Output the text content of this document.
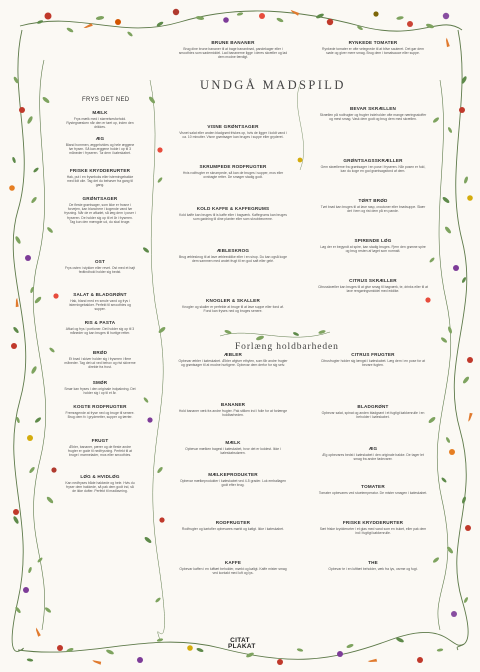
UNDGÅ MADSPILD
FRYS DET NED
MÆLK

Frys mælk med i størrelsesforhold. Rystegnæsken når den er tøet op, inden den drikkes.

ÆG

Bland hommen, æggehvides og hele æggene før frysen. Så kan æggene holde i op til 3 måneder i fryseren. Tø dem i køleskabet.

FRISKE KRYDDERURTER

Hak, put i en fryseboks eller isterningebakke med lidt olie. Tag det du behøver fra gang til gang.

GRØNTSAGER

De fleste grøntsager, som ikke er frosne i forvejen, kan blanchere i kogende vand før frysning. Når de er afkølet, så læg dem i poser i fryseren. De holder sig op til et år i fryseren. Tag kun den mængde ud, du skal bruge.

OST

Frys osten i stykker eller revet. Ost med et højt fedtindhold holder sig bedst.

SALAT & BLADGRØNT

Hak, bland med en smule vand og frys i isterningebakker. Perfekt til smoothies og supper.

RIS & PASTA

Afkøl og frys i portioner. Det holder sig op til 3 måneder og kan bruges til hurtige retter.

BRØD

Et brød i skiver holder sig i fryseren i flere måneder. Tag det ud ved behov og rist skiverne direkte fra frost.

SMØR

Smør kan fryses i den originale indpakning. Det holder sig i op til et år.

KOGTE RODFRUGTER

Fremragende at fryse ned og bruge til senere. Brug dem fx i gryderetter, supper og tærter.

FRUGT

Æbler, bananer, pærer og de fleste andre frugter er gode til nedfrysning. Perfekt til at bruge i marmelader, mos eller smoothies.

LØG & HVIDLØG

Kan nedfryses både hakkede og hele. Hvis du fryser dem hakkede, så pak dem godt ind, så de ikke dufter. Perfekt til madlavning.

BRUNE BANANER

Brug dine brune bananer til at bage bananbrød, pandekager eller i smoothies som sødemiddel. Lad bananerne ligge i deres skræller og lad dem modne færdigt.

VISNE GRØNTSAGER

Visnet salat eller anden bladgrønt friskes op, hvis de ligger i koldt vand i ca. 10 minutter. Visne grøntsager kan bruges i suppe eller gryderet.

SKRUMPEDE RODFRUGTER

Hvis rodfrugter er skrumpede, så kan de bruges i supper, mos eller ovnbagte retter. De smager stadig godt.

KOLD KAFFE & KAFFEGRUMS

Kold kaffe kan bruges til is kaffe eller i bagværk. Kaffegrums kan bruges som gødning til dine planter eller som skrubbecreme.

ÆBLESKROG

Brug æbleskrog til at lave æbleeddike eller i en sirup. Du kan også koge dem sammen med andet frugt til en god saft eller gelé.

KNOGLER & SKALLER

Knogler og skaller er perfekte at bruge til at lave suppe eller fond af. Fond kan fryses ned og bruges senere.

RYNKEDE TOMATER

Rynkede tomater er ofte velegnede til at blive sauteret. Det gør dem søde og giver mere smag. Brug dem i tomatsauce eller suppe.

BEVAR SKRÆLLEN

Skrællen på rodfrugter og frugter indeholder ofte mange næringsstoffer og mest smag. Vask dem godt og brug dem med skrællen.

GRØNTSAGSSKRÆLLER

Gem skrællerne fra grøntsager i en pose i fryseren. Når posen er fuld, kan du koge en god grøntsagsfond af dem.

TØRT BRØD

Tørt brød kan bruges til at lave rasp, croutoner eller brødsuppe. Skær det i tern og rist dem på en pande.

SPIRENDE LØG

Løg der er begyndt at spire, kan stadig bruges. Fjern den grønne spire og brug resten af løget som normalt.

CITRUS SKRÆLLER

Citrusskræller kan bruges til at give smag til bagværk, te, drinks eller til at lave rengøringsmiddel med eddike.

Forlæng holdbarheden
ÆBLER

Opbevar æbler i køleskabet. Æbler afgiver ethylen, som får andre frugter og grøntsager til at modne hurtigere. Opbevar dem derfor for sig selv.

BANANER

Hold bananer væk fra andre frugter. Pak stilken ind i folie for at forlænge holdbarheden.

MÆLK

Opbevar mælken bagest i køleskabet, hvor det er koldest. Ikke i køleskabsdøren.

MÆLKEPRODUKTER

Opbevar mælkeprodukter i køleskabet ved 4-5 grader. Luk emballagen godt efter brug.

RODFRUGTER

Rodfrugter og kartofler opbevares mørkt og køligt. Ikke i køleskabet.

KAFFE

Opbevar kaffen i en lufttæt beholder, mørkt og køligt. Kaffe mister smag ved kontakt med luft og lys.

CITRUS FRUGTER

Citrusfrugter holder sig længst i køleskabet. Læg dem i en pose for at bevare fugten.

BLADGRØNT

Opbevar salat, spinat og anden bladgrønt i et fugtigt køkkenrulle i en beholder i køleskabet.

ÆG

Æg opbevares bedst i køleskabet i den originale bakke. De tager let smag fra andre fødevarer.

TOMATER

Tomater opbevares ved stuetemperatur. De mister smagen i køleskabet.

FRISKE KRYDDERURTER

Sæt friske krydderurter i et glas med vand som en buket, eller pak dem ind i fugtigt køkkenrulle.

THE

Opbevar te i en lufttæt beholder, væk fra lys, varme og fugt.

CITAT
PLAKAT
